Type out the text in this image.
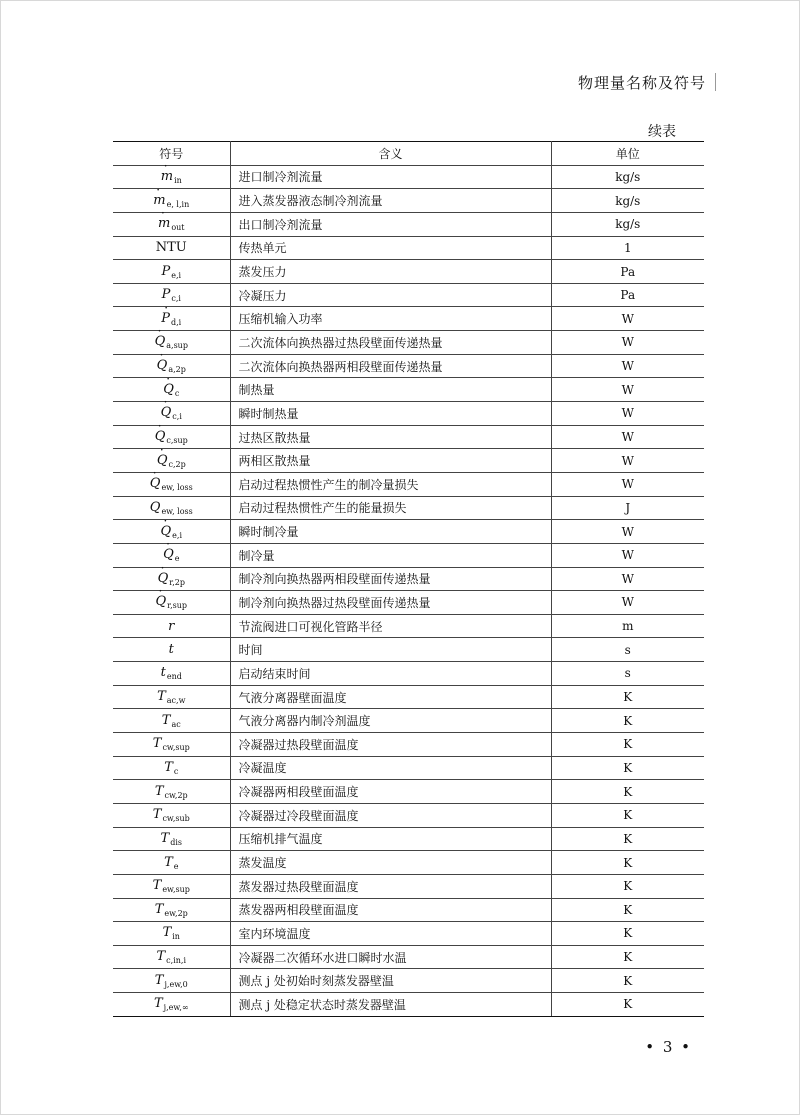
物理量名称及符号
续表
符号	含义	单位

·
$m_{in}$	进口制冷剂流量	kg/s

·
$m_{e, l,in}$	进入蒸发器液态制冷剂流量	kg/s

·
$m_{out}$	出口制冷剂流量	kg/s
NTU	传热单元	1
$P_{e,i}$	蒸发压力	Pa
$P_{c,i}$	冷凝压力	Pa

·
$P_{d,i}$	压缩机输入功率	W

·
$Q_{a,sup}$	二次流体向换热器过热段壁面传递热量	W

·
$Q_{a,2p}$	二次流体向换热器两相段壁面传递热量	W

·
$Q_c$	制热量	W

·
$Q_{c,i}$	瞬时制热量	W

·
$Q_{c,sup}$	过热区散热量	W

·
$Q_{c,2p}$	两相区散热量	W

·
$Q_{ew, loss}$	启动过程热惯性产生的制冷量损失	W
$Q_{ew, loss}$	启动过程热惯性产生的能量损失	J

·
$Q_{e,i}$	瞬时制冷量	W

·
$Q_e$	制冷量	W

·
$Q_{r,2p}$	制冷剂向换热器两相段壁面传递热量	W

·
$Q_{r,sup}$	制冷剂向换热器过热段壁面传递热量	W
r	节流阀进口可视化管路半径	m
t	时间	s
$t_{end}$	启动结束时间	s
$T_{ac,w}$	气液分离器壁面温度	K
$T_{ac}$	气液分离器内制冷剂温度	K
$T_{cw,sup}$	冷凝器过热段壁面温度	K
$T_c$	冷凝温度	K
$T_{cw,2p}$	冷凝器两相段壁面温度	K
$T_{cw,sub}$	冷凝器过冷段壁面温度	K
$T_{dis}$	压缩机排气温度	K
$T_e$	蒸发温度	K
$T_{ew,sup}$	蒸发器过热段壁面温度	K
$T_{ew,2p}$	蒸发器两相段壁面温度	K
$T_{in}$	室内环境温度	K
$T_{c,in,i}$	冷凝器二次循环水进口瞬时水温	K
$T_{j,ew,0}$	测点 j 处初始时刻蒸发器壁温	K
$T_{j,ew,\infty}$	测点 j 处稳定状态时蒸发器壁温	K
• 3 •
